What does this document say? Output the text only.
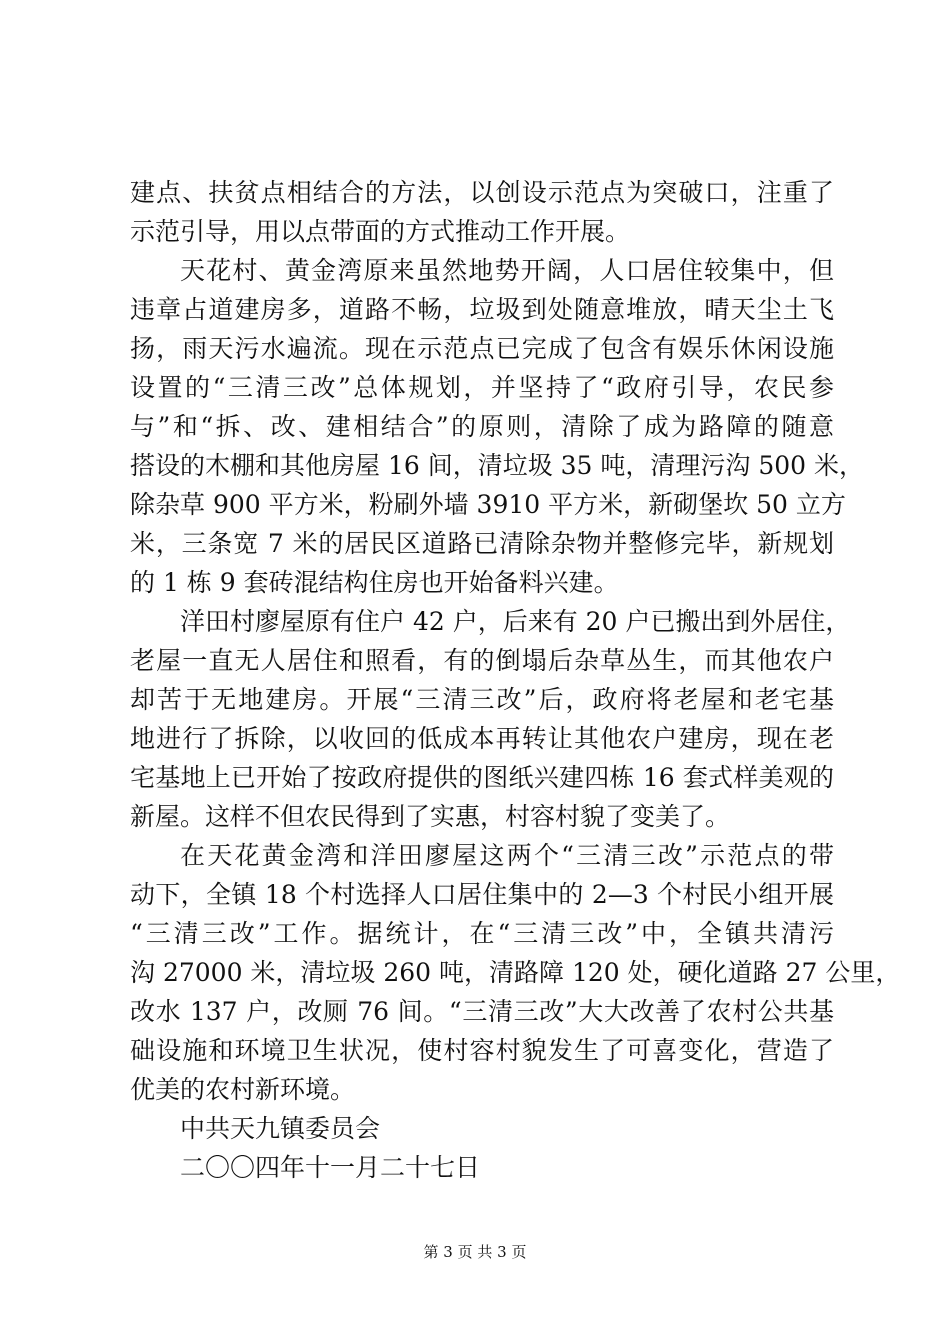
建点、扶贫点相结合的方法，以创设示范点为突破口，注重了
示范引导，用以点带面的方式推动工作开展。
天花村、黄金湾原来虽然地势开阔，人口居住较集中，但
违章占道建房多，道路不畅，垃圾到处随意堆放，晴天尘土飞
扬，雨天污水遍流。现在示范点已完成了包含有娱乐休闲设施
设置的“三清三改”总体规划，并坚持了“政府引导，农民参
与”和“拆、改、建相结合”的原则，清除了成为路障的随意
搭设的木棚和其他房屋 16 间，清垃圾 35 吨，清理污沟 500 米，
除杂草 900 平方米，粉刷外墙 3910 平方米，新砌堡坎 50 立方
米，三条宽 7 米的居民区道路已清除杂物并整修完毕，新规划
的 1 栋 9 套砖混结构住房也开始备料兴建。
洋田村廖屋原有住户 42 户，后来有 20 户已搬出到外居住，
老屋一直无人居住和照看，有的倒塌后杂草丛生，而其他农户
却苦于无地建房。开展“三清三改”后，政府将老屋和老宅基
地进行了拆除，以收回的低成本再转让其他农户建房，现在老
宅基地上已开始了按政府提供的图纸兴建四栋 16 套式样美观的
新屋。这样不但农民得到了实惠，村容村貌了变美了。
在天花黄金湾和洋田廖屋这两个“三清三改”示范点的带
动下，全镇 18 个村选择人口居住集中的 2—3 个村民小组开展
“三清三改”工作。据统计，在“三清三改”中，全镇共清污
沟 27000 米，清垃圾 260 吨，清路障 120 处，硬化道路 27 公里，
改水 137 户，改厕 76 间。“三清三改”大大改善了农村公共基
础设施和环境卫生状况，使村容村貌发生了可喜变化，营造了
优美的农村新环境。
中共天九镇委员会
二〇〇四年十一月二十七日
第 3 页 共 3 页
